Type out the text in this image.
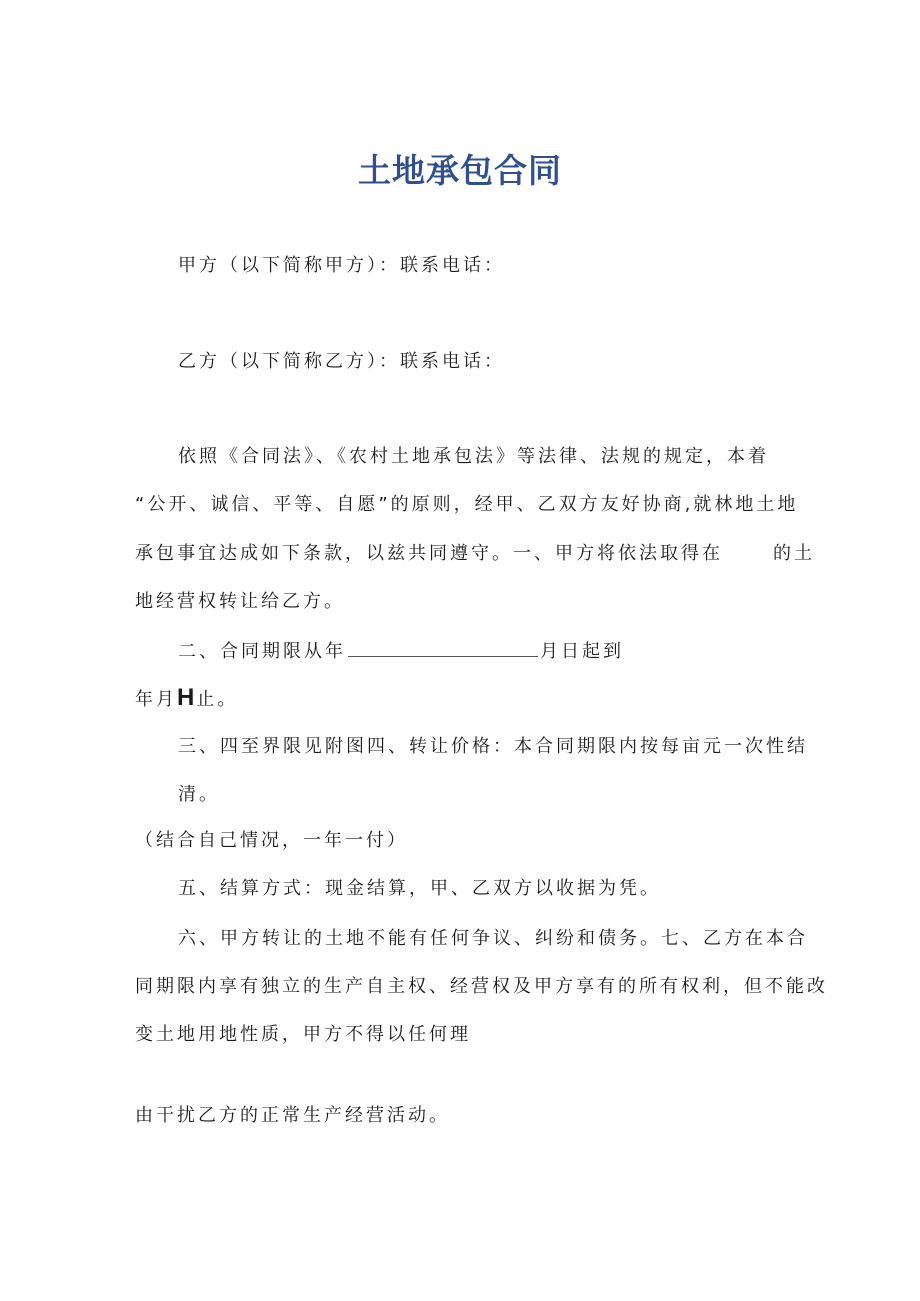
土地承包合同
甲方（以下简称甲方）：联系电话：
乙方（以下简称乙方）：联系电话：
依照《合同法》、《农村土地承包法》等法律、法规的规定，本着
“公开、诚信、平等、自愿”的原则，经甲、乙双方友好协商,就林地土地
承包事宜达成如下条款，以兹共同遵守。一、甲方将依法取得在	的土
地经营权转让给乙方。
二、合同期限从年	月日起到
年月H止。
三、四至界限见附图四、转让价格：本合同期限内按每亩元一次性结
清。
（结合自己情况，一年一付）
五、结算方式：现金结算，甲、乙双方以收据为凭。
六、甲方转让的土地不能有任何争议、纠纷和债务。七、乙方在本合
同期限内享有独立的生产自主权、经营权及甲方享有的所有权利，但不能改
变土地用地性质，甲方不得以任何理
由干扰乙方的正常生产经营活动。
